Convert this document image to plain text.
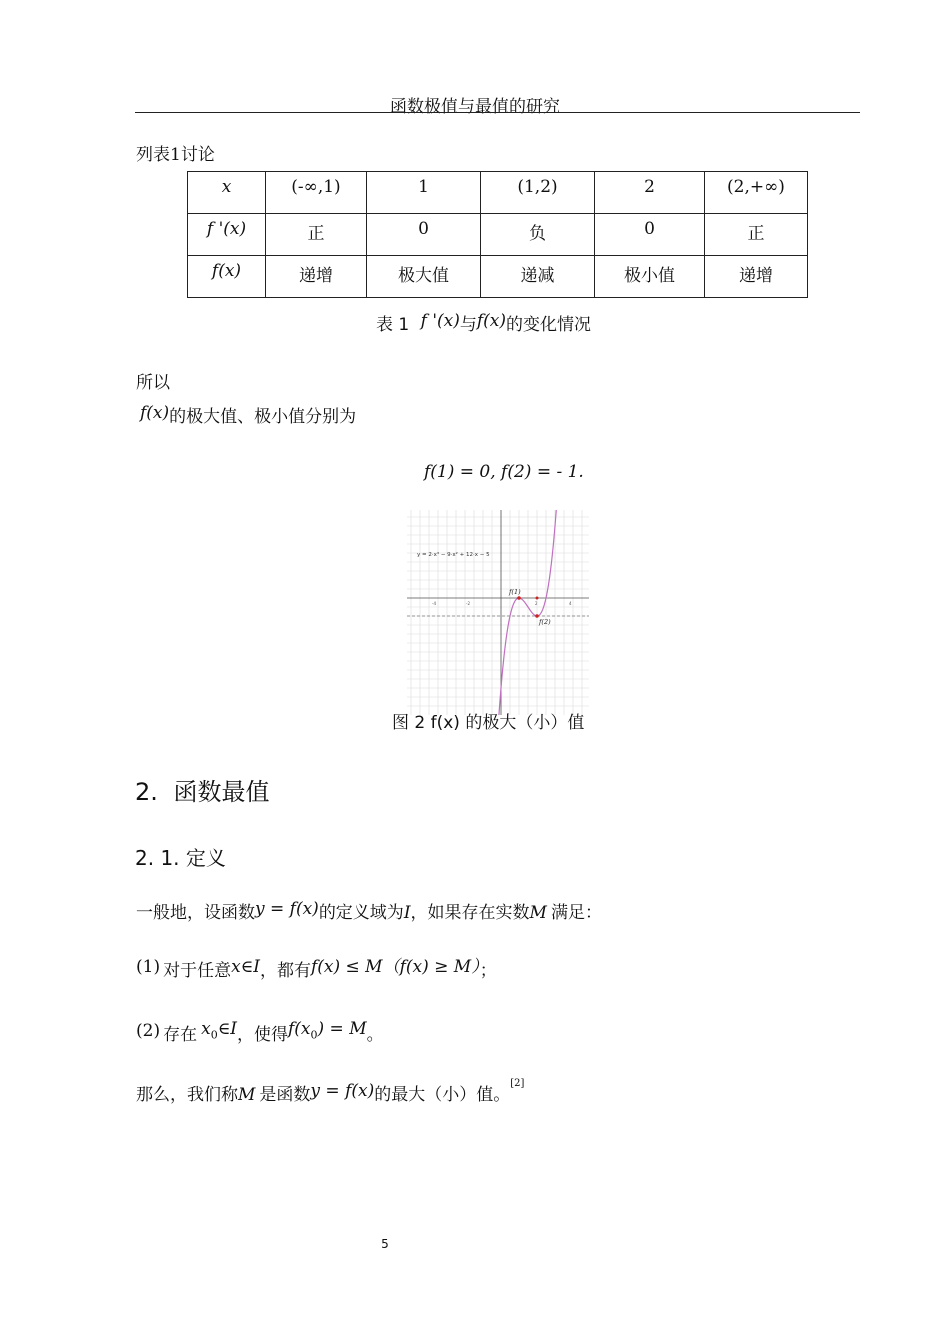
函数极值与最值的研究
列表1讨论
x	(-∞,1)	1	(1,2)	2	(2,+∞)
f '(x)	正	0	负	0	正
f(x)	递增	极大值	递减	极小值	递增
表 1 f '(x)与f(x)的变化情况
所以
f(x)的极大值、极小值分别为
f(1) = 0, f(2) = - 1.
y = 2·x³ − 9·x² + 12·x − 5
-4	-2	2	4
f(1)
f(2)
图 2 f(x) 的极大（小）值
2. 函数最值
2. 1. 定义
一般地，设函数y = f(x)的定义域为I，如果存在实数M 满足：
(1) 对于任意x∈I，都有f(x) ≤ M（f(x) ≥ M）；
(2) 存在 $x_0\in I$，使得$f(x_0) = M$。
那么，我们称M 是函数y = f(x)的最大（小）值。[2]
5
